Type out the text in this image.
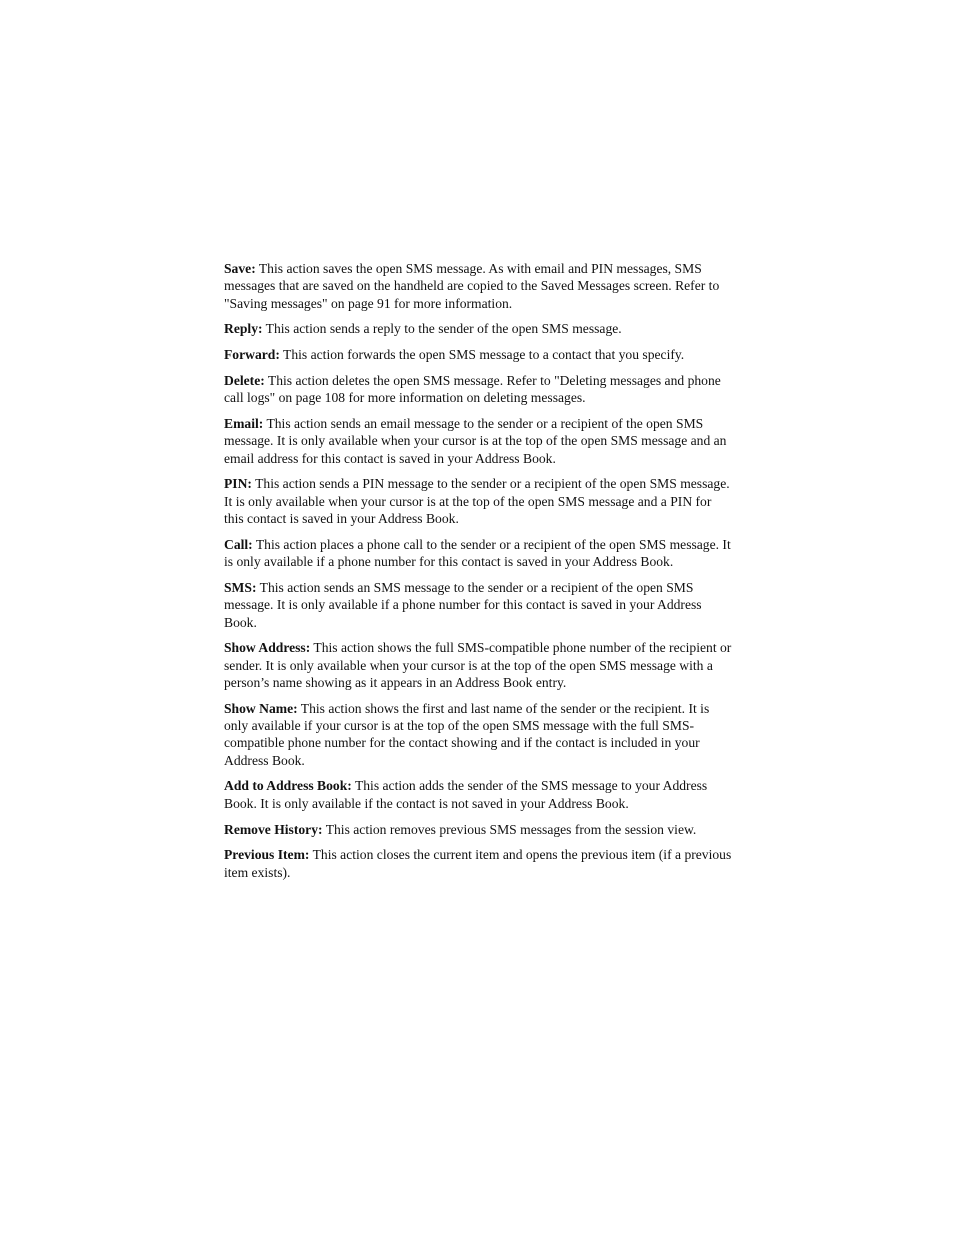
Save: This action saves the open SMS message. As with email and PIN messages, SMS messages that are saved on the handheld are copied to the Saved Messages screen. Refer to "Saving messages" on page 91 for more information.

Reply: This action sends a reply to the sender of the open SMS message.

Forward: This action forwards the open SMS message to a contact that you specify.

Delete: This action deletes the open SMS message. Refer to "Deleting messages and phone call logs" on page 108 for more information on deleting messages.

Email: This action sends an email message to the sender or a recipient of the open SMS message. It is only available when your cursor is at the top of the open SMS message and an email address for this contact is saved in your Address Book.

PIN: This action sends a PIN message to the sender or a recipient of the open SMS message. It is only available when your cursor is at the top of the open SMS message and a PIN for this contact is saved in your Address Book.

Call: This action places a phone call to the sender or a recipient of the open SMS message. It is only available if a phone number for this contact is saved in your Address Book.

SMS: This action sends an SMS message to the sender or a recipient of the open SMS message. It is only available if a phone number for this contact is saved in your Address Book.

Show Address: This action shows the full SMS-compatible phone number of the recipient or sender. It is only available when your cursor is at the top of the open SMS message with a person’s name showing as it appears in an Address Book entry.

Show Name: This action shows the first and last name of the sender or the recipient. It is only available if your cursor is at the top of the open SMS message with the full SMS-compatible phone number for the contact showing and if the contact is included in your Address Book.

Add to Address Book: This action adds the sender of the SMS message to your Address Book. It is only available if the contact is not saved in your Address Book.

Remove History: This action removes previous SMS messages from the session view.

Previous Item: This action closes the current item and opens the previous item (if a previous item exists).
